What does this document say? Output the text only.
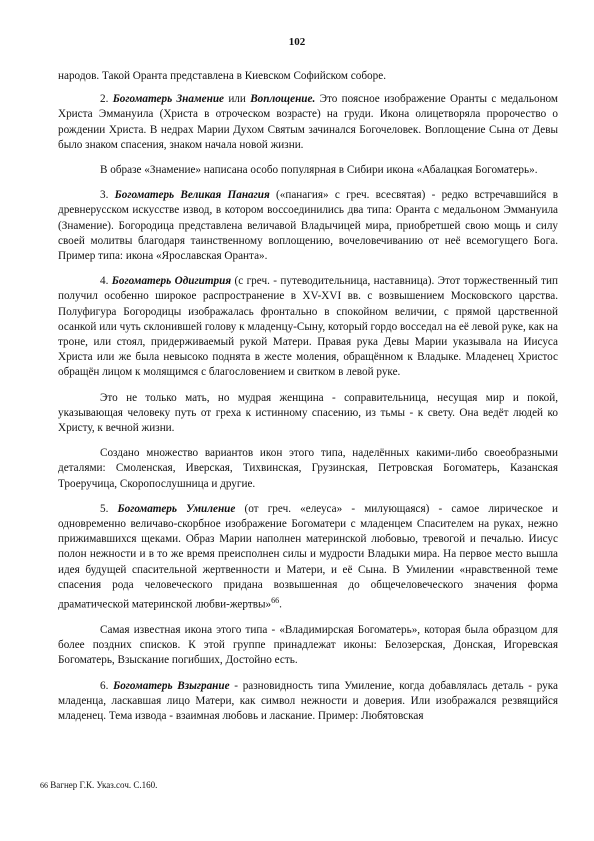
102

народов. Такой Оранта представлена в Киевском Софийском соборе.

2. Богоматерь Знамение или Воплощение. Это поясное изображение Оранты с медальоном Христа Эммануила (Христа в отроческом возрасте) на груди. Икона олицетворяла пророчество о рождении Христа. В недрах Марии Духом Святым зачинался Богочеловек. Воплощение Сына от Девы было знаком спасения, знаком начала новой жизни.

В образе «Знамение» написана особо популярная в Сибири икона «Абалацкая Богоматерь».

3. Богоматерь Великая Панагия («панагия» с греч. всесвятая) - редко встречавшийся в древнерусском искусстве извод, в котором воссоединились два типа: Оранта с медальоном Эммануила (Знамение). Богородица представлена величавой Владычицей мира, приобретшей свою мощь и силу своей молитвы благодаря таинственному воплощению, вочеловечиванию от неё всемогущего Бога. Пример типа: икона «Ярославская Оранта».

4. Богоматерь Одигитрия (с греч. - путеводительница, наставница). Этот торжественный тип получил особенно широкое распространение в XV-XVI вв. с возвышением Московского царства. Полуфигура Богородицы изображалась фронтально в спокойном величии, с прямой царственной осанкой или чуть склонившей голову к младенцу-Сыну, который гордо восседал на её левой руке, как на троне, или стоял, придерживаемый рукой Матери. Правая рука Девы Марии указывала на Иисуса Христа или же была невысоко поднята в жесте моления, обращённом к Владыке. Младенец Христос обращён лицом к молящимся с благословением и свитком в левой руке.

Это не только мать, но мудрая женщина - соправительница, несущая мир и покой, указывающая человеку путь от греха к истинному спасению, из тьмы - к свету. Она ведёт людей ко Христу, к вечной жизни.

Создано множество вариантов икон этого типа, наделённых какими-либо своеобразными деталями: Смоленская, Иверская, Тихвинская, Грузинская, Петровская Богоматерь, Казанская Троеручица, Скоропослушница и другие.

5. Богоматерь Умиление (от греч. «елеуса» - милующаяся) - самое лирическое и одновременно величаво-скорбное изображение Богоматери с младенцем Спасителем на руках, нежно прижимавшихся щеками. Образ Марии наполнен материнской любовью, тревогой и печалью. Иисус полон нежности и в то же время преисполнен силы и мудрости Владыки мира. На первое место вышла идея будущей спасительной жертвенности и Матери, и её Сына. В Умилении «нравственной теме спасения рода человеческого придана возвышенная до общечеловеческого значения форма драматической материнской любви-жертвы»$^{66}$.

Самая известная икона этого типа - «Владимирская Богоматерь», которая была образцом для более поздних списков. К этой группе принадлежат иконы: Белозерская, Донская, Игоревская Богоматерь, Взыскание погибших, Достойно есть.

6. Богоматерь Взыграние - разновидность типа Умиление, когда добавлялась деталь - рука младенца, ласкавшая лицо Матери, как символ нежности и доверия. Или изображался резвящийся младенец. Тема извода - взаимная любовь и ласкание. Пример: Любятовская

66 Вагнер Г.К. Указ.соч. С.160.
